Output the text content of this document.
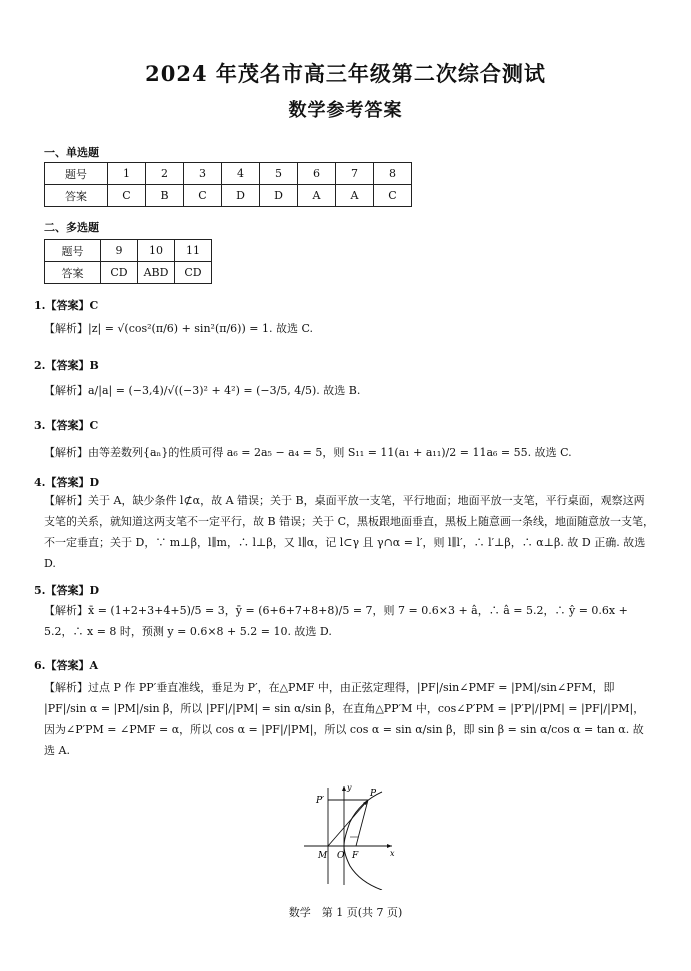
2024 年茂名市高三年级第二次综合测试
数学参考答案
一、单选题
题号	1	2	3	4	5	6	7	8
答案	C	B	C	D	D	A	A	C
二、多选题
题号	9	10	11
答案	CD	ABD	CD
1.【答案】C
【解析】|z| = √(cos²(π/6) + sin²(π/6)) = 1. 故选 C.
2.【答案】B
【解析】a/|a| = (−3,4)/√((−3)² + 4²) = (−3/5, 4/5). 故选 B.
3.【答案】C
【解析】由等差数列{aₙ}的性质可得 a₆ = 2a₅ − a₄ = 5，则 S₁₁ = 11(a₁ + a₁₁)/2 = 11a₆ = 55. 故选 C.
4.【答案】D
【解析】关于 A，缺少条件 l⊄α，故 A 错误；关于 B，桌面平放一支笔，平行地面；地面平放一支笔，平行桌面，观察这两支笔的关系，就知道这两支笔不一定平行，故 B 错误；关于 C，黑板跟地面垂直，黑板上随意画一条线，地面随意放一支笔，不一定垂直；关于 D，∵ m⊥β，l∥m，∴ l⊥β，又 l∥α，记 l⊂γ 且 γ∩α = l′，则 l∥l′，∴ l′⊥β，∴ α⊥β. 故 D 正确. 故选 D.
5.【答案】D
【解析】x̄ = (1+2+3+4+5)/5 = 3，ȳ = (6+6+7+8+8)/5 = 7，则 7 = 0.6×3 + â，∴ â = 5.2，∴ ŷ = 0.6x + 5.2，∴ x = 8 时，预测 y = 0.6×8 + 5.2 = 10. 故选 D.
6.【答案】A
【解析】过点 P 作 PP′垂直准线，垂足为 P′，在△PMF 中，由正弦定理得，|PF|/sin∠PMF = |PM|/sin∠PFM，即 |PF|/sin α = |PM|/sin β，所以 |PF|/|PM| = sin α/sin β，在直角△PP′M 中，cos∠P′PM = |P′P|/|PM| = |PF|/|PM|，因为∠P′PM = ∠PMF = α，所以 cos α = |PF|/|PM|，所以 cos α = sin α/sin β，即 sin β = sin α/cos α = tan α. 故选 A.
P′
P
y
M O F	x
数学　第 1 页(共 7 页)
